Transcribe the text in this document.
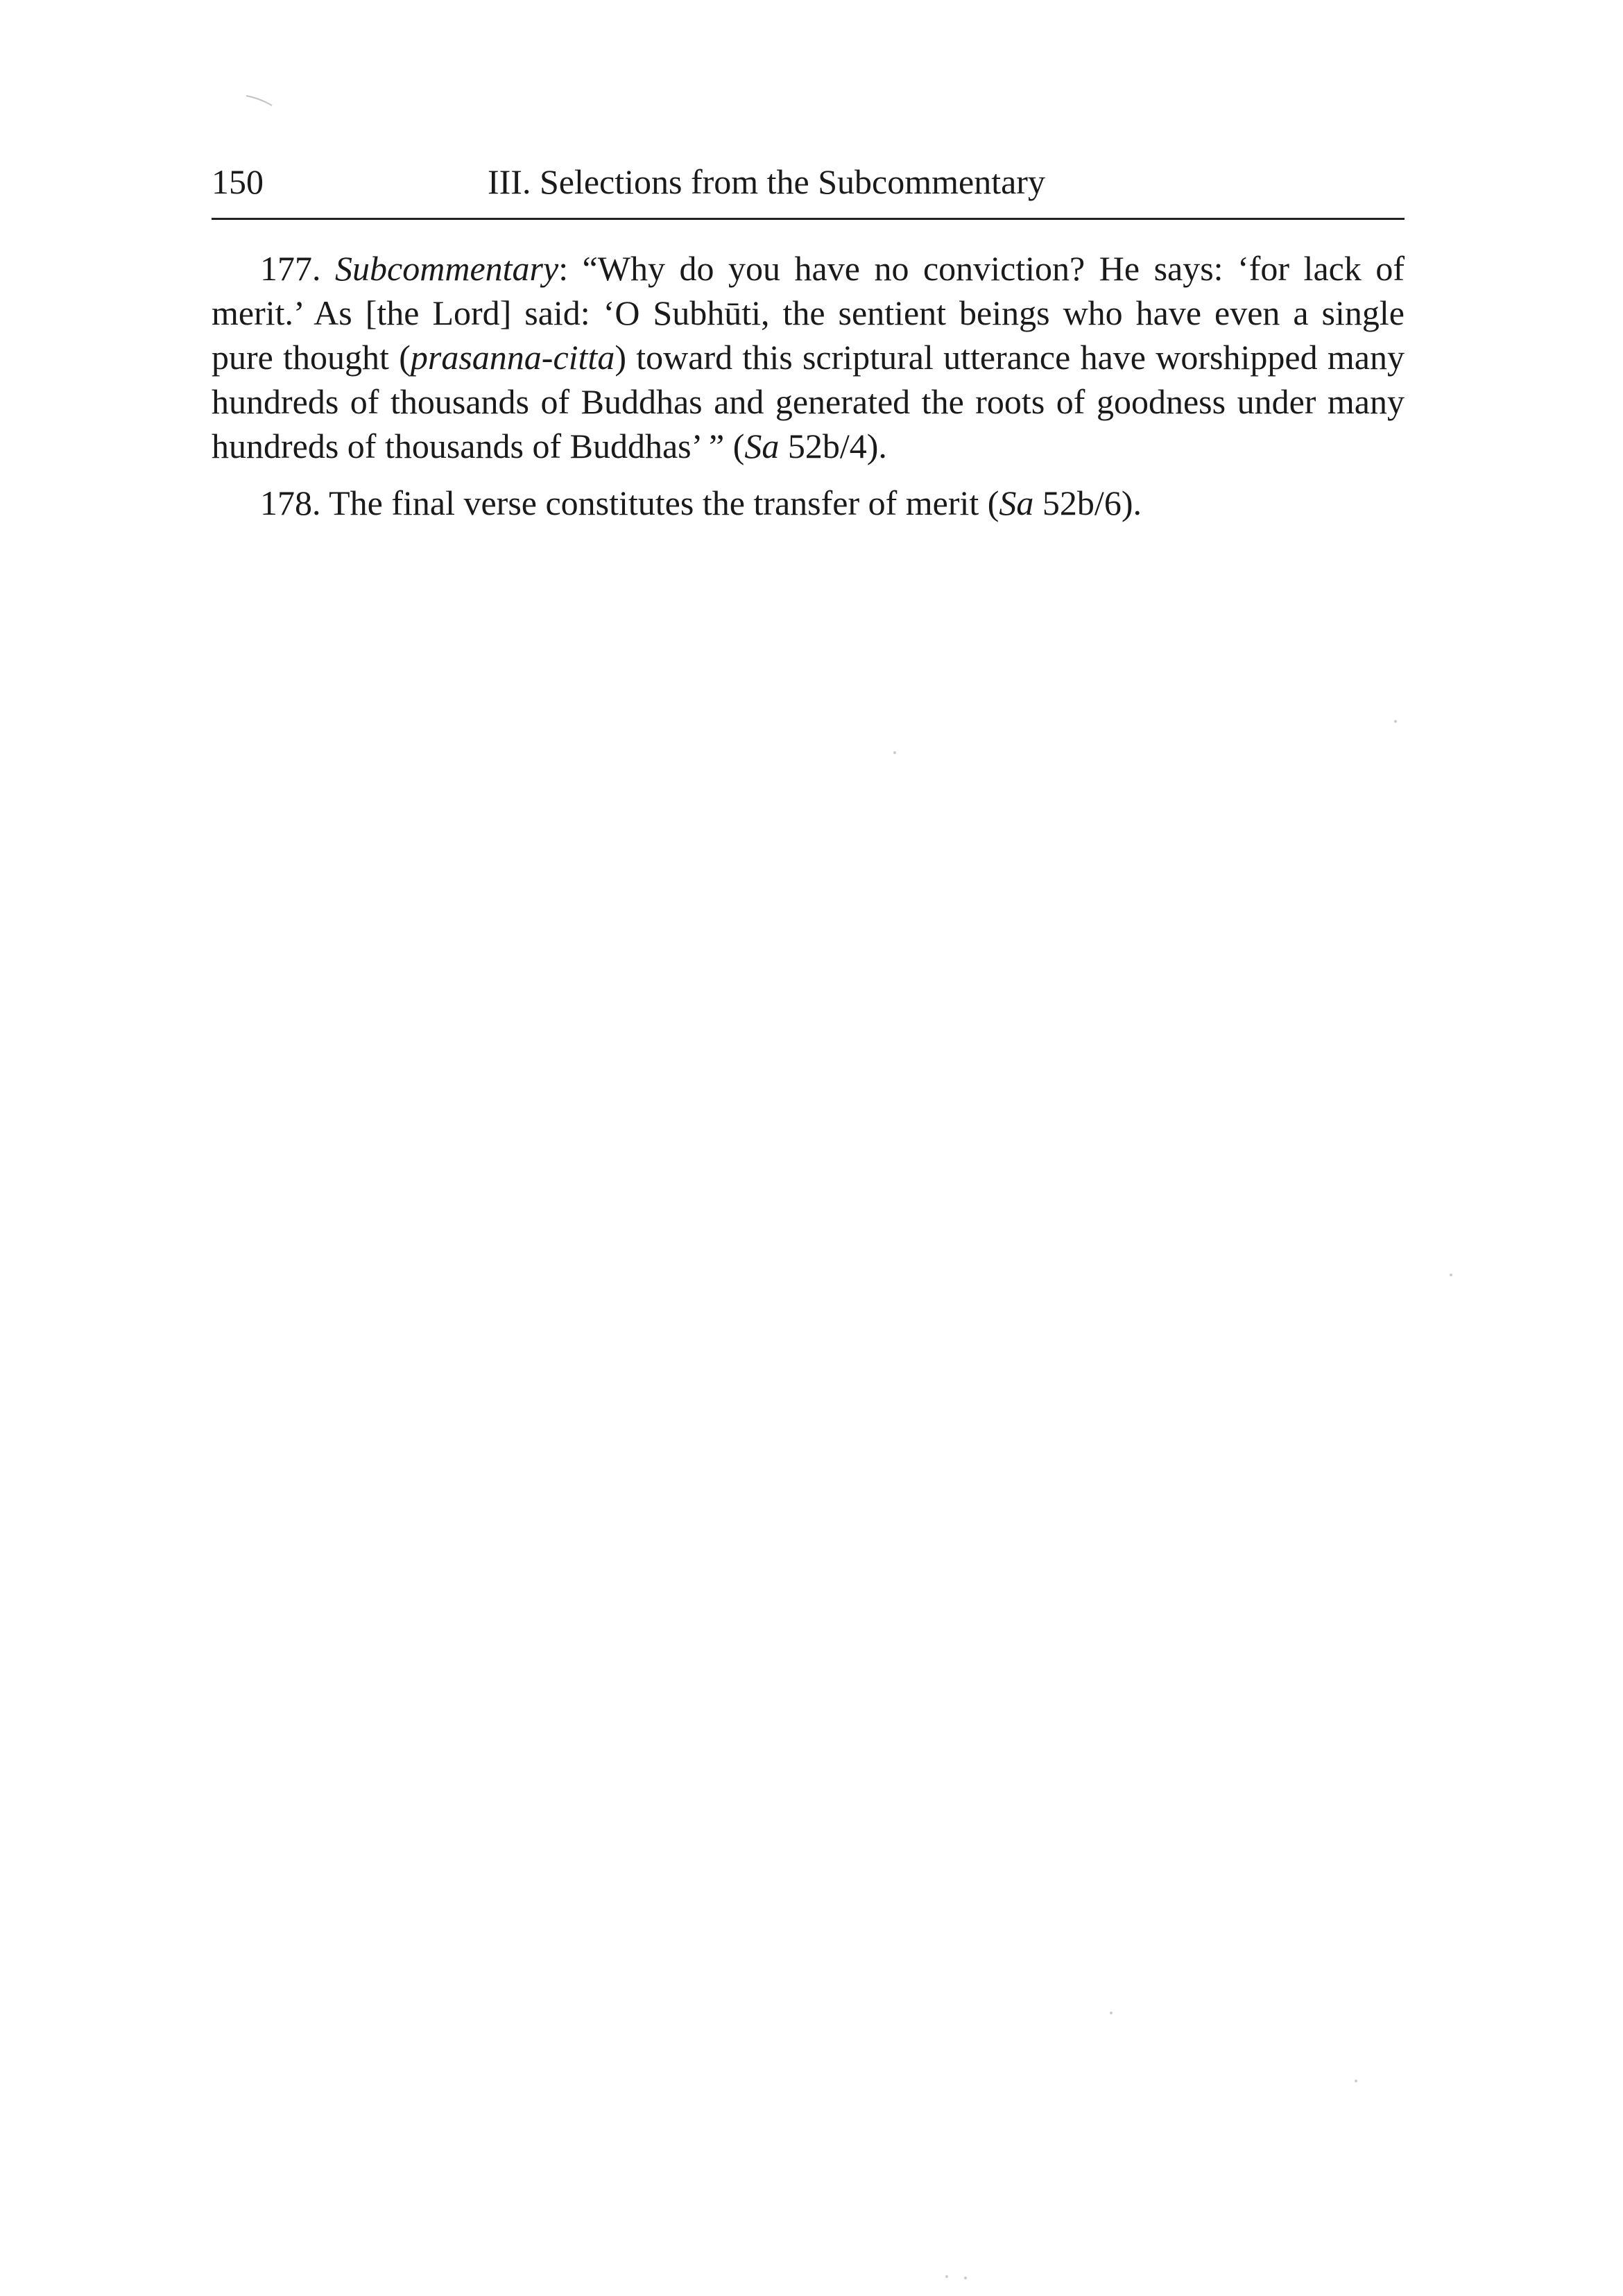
150	III. Selections from the Subcommentary

177. Subcommentary: “Why do you have no conviction? He says: ‘for lack of merit.’ As [the Lord] said: ‘O Subhūti, the sentient beings who have even a single pure thought (prasanna-citta) toward this scriptural utterance have worshipped many hundreds of thousands of Buddhas and generated the roots of goodness under many hundreds of thousands of Buddhas’ ” (Sa 52b/4).

178. The final verse constitutes the transfer of merit (Sa 52b/6).
